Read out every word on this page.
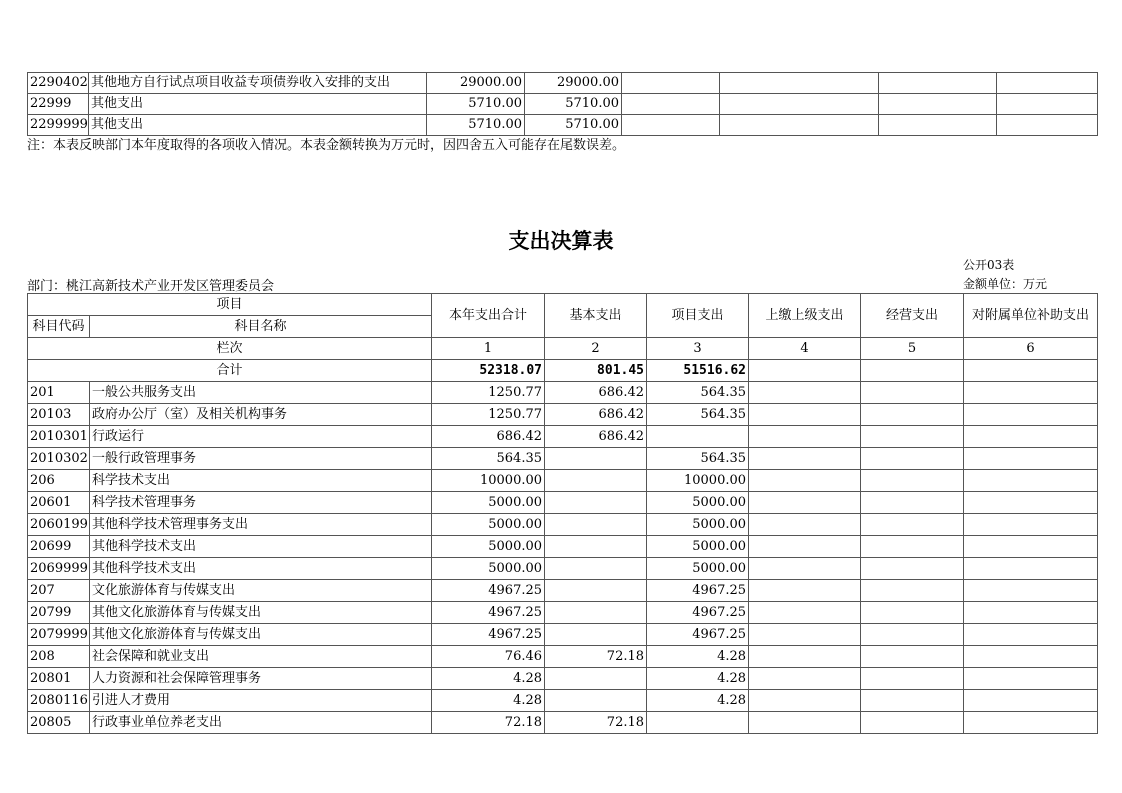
2290402	其他地方自行试点项目收益专项债券收入安排的支出	29000.00	29000.00				
22999	其他支出	5710.00	5710.00				
2299999	其他支出	5710.00	5710.00				
注：本表反映部门本年度取得的各项收入情况。本表金额转换为万元时，因四舍五入可能存在尾数误差。
支出决算表
公开03表
部门：桃江高新技术产业开发区管理委员会	金额单位：万元
项目		本年支出合计	基本支出	项目支出	上缴上级支出	经营支出	对附属单位补助支出
科目代码	科目名称						
栏次		1	2	3	4	5	6
合计		52318.07	801.45	51516.62			
201	一般公共服务支出	1250.77	686.42	564.35			
20103	政府办公厅（室）及相关机构事务	1250.77	686.42	564.35			
2010301	行政运行	686.42	686.42				
2010302	一般行政管理事务	564.35		564.35			
206	科学技术支出	10000.00		10000.00			
20601	科学技术管理事务	5000.00		5000.00			
2060199	其他科学技术管理事务支出	5000.00		5000.00			
20699	其他科学技术支出	5000.00		5000.00			
2069999	其他科学技术支出	5000.00		5000.00			
207	文化旅游体育与传媒支出	4967.25		4967.25			
20799	其他文化旅游体育与传媒支出	4967.25		4967.25			
2079999	其他文化旅游体育与传媒支出	4967.25		4967.25			
208	社会保障和就业支出	76.46	72.18	4.28			
20801	人力资源和社会保障管理事务	4.28		4.28			
2080116	引进人才费用	4.28		4.28			
20805	行政事业单位养老支出	72.18	72.18				
